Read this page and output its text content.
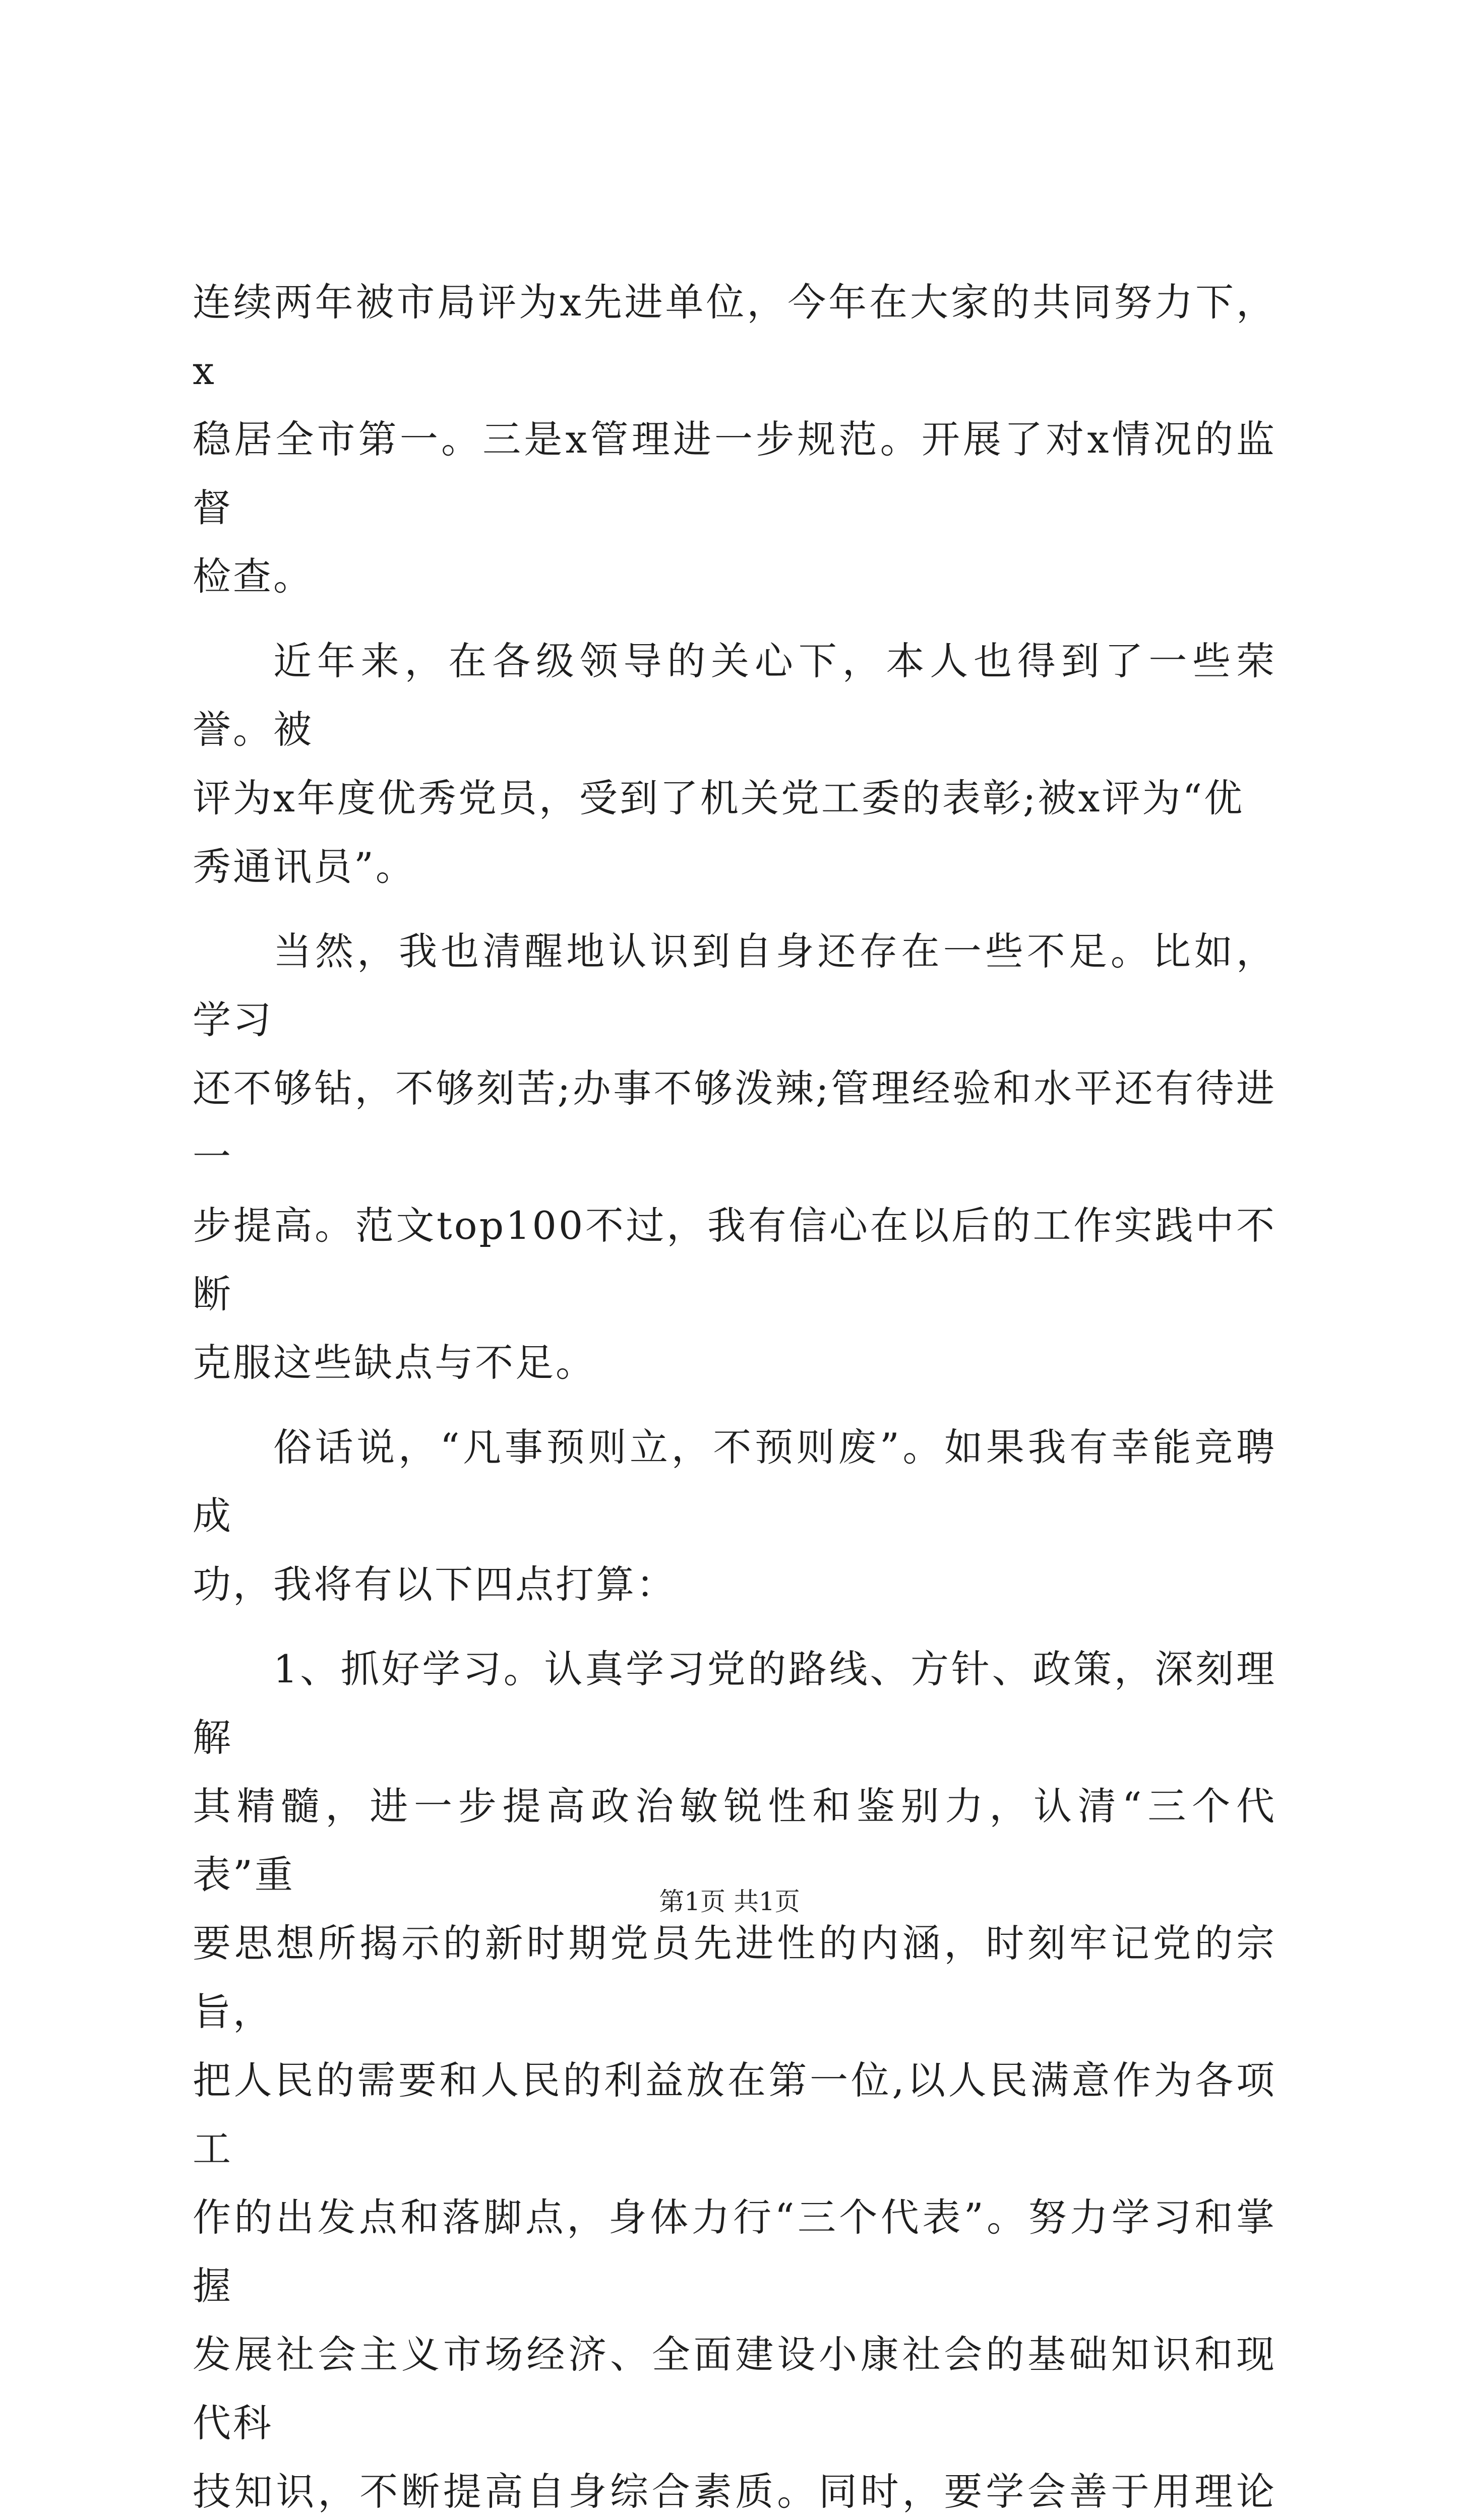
连续两年被市局评为x先进单位，今年在大家的共同努力下，x
稳居全市第一。三是x管理进一步规范。开展了对x情况的监督
检查。

近年来，在各级领导的关心下，本人也得到了一些荣誉。被
评为x年度优秀党员，受到了机关党工委的表彰;被x评为“优
秀通讯员”。

当然，我也清醒地认识到自身还存在一些不足。比如，学习
还不够钻，不够刻苦;办事不够泼辣;管理经验和水平还有待进一
步提高。范文top100不过，我有信心在以后的工作实践中不断
克服这些缺点与不足。

俗话说，“凡事预则立，不预则废”。如果我有幸能竞聘成
功，我将有以下四点打算：

1、抓好学习。认真学习党的路线、方针、政策，深刻理解
其精髓，进一步提高政治敏锐性和鉴别力，认清“三个代表”重
要思想所揭示的新时期党员先进性的内涵，时刻牢记党的宗旨，
把人民的需要和人民的利益放在第一位,以人民满意作为各项工
作的出发点和落脚点，身体力行“三个代表”。努力学习和掌握
发展社会主义市场经济、全面建设小康社会的基础知识和现代科
技知识，不断提高自身综合素质。同时，要学会善于用理论

第1页 共1页
